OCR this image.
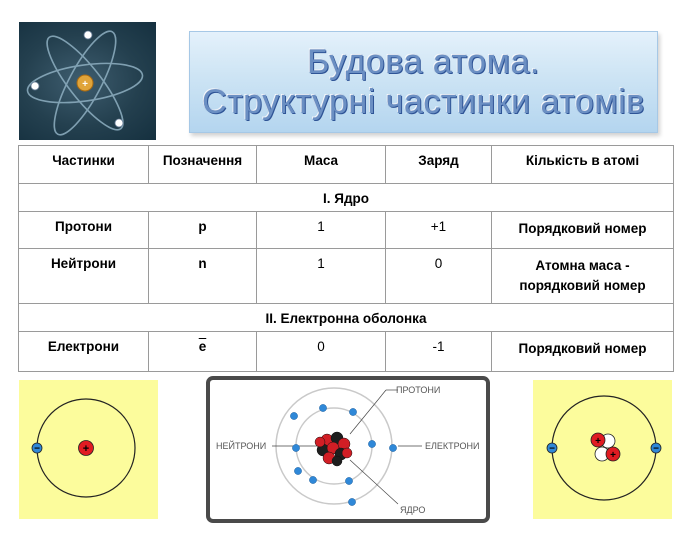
+
Будова атома.
Структурні частинки атомів
Частинки	Позначення	Маса	Заряд	Кількість в атомі
І. Ядро				
Протони	p	1	+1	Порядковий номер
Нейтрони	n	1	0	Атомна маса - порядковий номер
ІІ. Електронна оболонка				
Електрони	$\overline{e}$	0	-1	Порядковий номер
+
−
ПРОТОНИ
НЕЙТРОНИ	ЕЛЕКТРОНИ
ЯДРО
+
+
−	−
